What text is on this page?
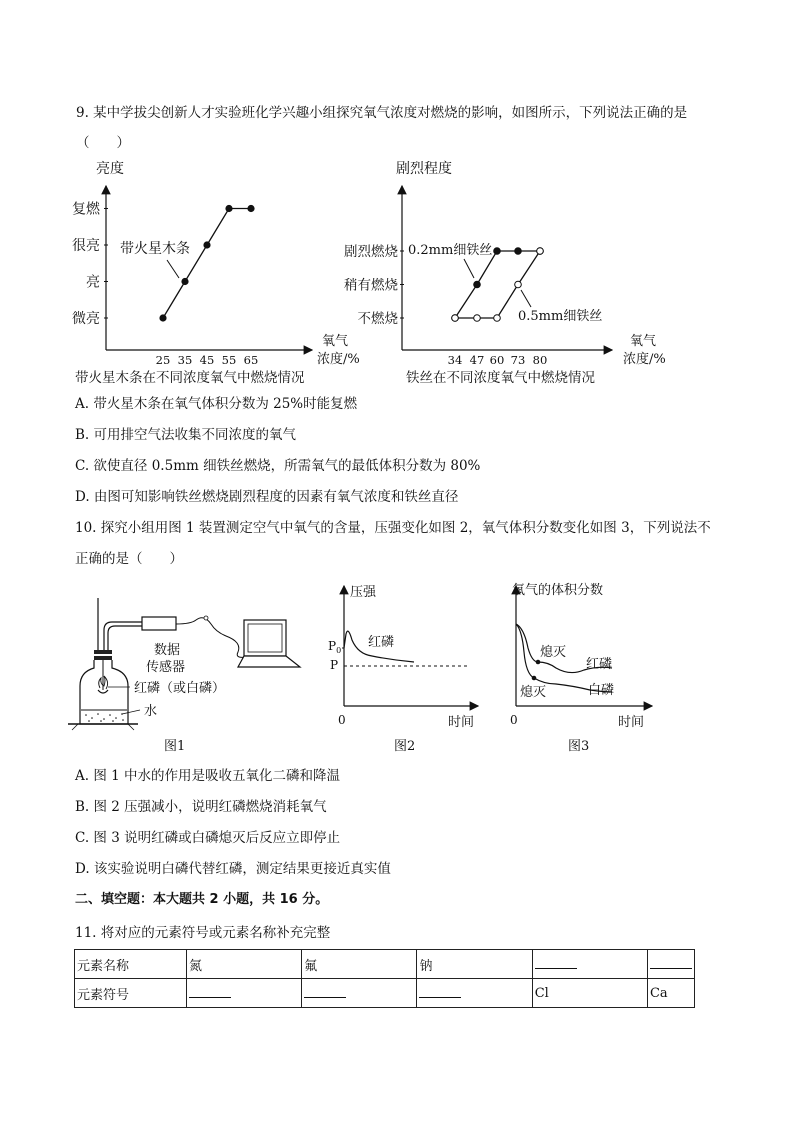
9. 某中学拔尖创新人才实验班化学兴趣小组探究氧气浓度对燃烧的影响，如图所示，下列说法正确的是
（　　）
亮度
微亮
亮
很亮
复燃
25 35 45 55 65
带火星木条
氧气
浓度/%
带火星木条在不同浓度氧气中燃烧情况
剧烈程度
不燃烧
稍有燃烧
剧烈燃烧
34 47 60 73 80
0.2mm细铁丝
0.5mm细铁丝
氧气
浓度/%
铁丝在不同浓度氧气中燃烧情况
A. 带火星木条在氧气体积分数为 25%时能复燃
B. 可用排空气法收集不同浓度的氧气
C. 欲使直径 0.5mm 细铁丝燃烧，所需氧气的最低体积分数为 80%
D. 由图可知影响铁丝燃烧剧烈程度的因素有氧气浓度和铁丝直径
10. 探究小组用图 1 装置测定空气中氧气的含量，压强变化如图 2，氧气体积分数变化如图 3，下列说法不
正确的是（　　）
数据
传感器
红磷（或白磷）
水
图1
压强
$P_0$
P
红磷
0	时间
图2
氧气的体积分数
熄灭
熄灭
红磷
白磷
0	时间
图3
A. 图 1 中水的作用是吸收五氧化二磷和降温
B. 图 2 压强减小，说明红磷燃烧消耗氧气
C. 图 3 说明红磷或白磷熄灭后反应立即停止
D. 该实验说明白磷代替红磷，测定结果更接近真实值
二、填空题：本大题共 2 小题，共 16 分。
11. 将对应的元素符号或元素名称补充完整
元素名称	氮	氟	钠		
元素符号				Cl	Ca
